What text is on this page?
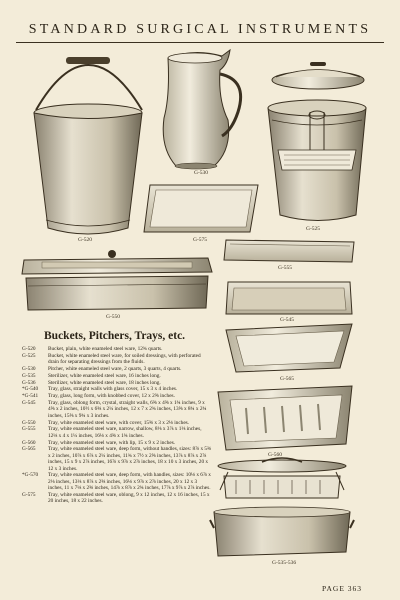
STANDARD SURGICAL INSTRUMENTS
G-520
G-530
G-525
G-575
G-555
G-550	G-545
G-565
G-560
G-535-536
Buckets, Pitchers, Trays, etc.
G-520	Bucket, plain, white enameled steel ware, 12¾ quarts.
G-525	Bucket, white enameled steel ware, for soiled dressings, with perforated drain for separating dressings from the fluids.
G-530	Pitcher, white enameled steel ware, 2 quarts, 3 quarts, 4 quarts.
G-535	Sterilizer, white enameled steel ware, 16 inches long.
G-536	Sterilizer, white enameled steel ware, 18 inches long.
*G-540	Tray, glass, straight walls with glass cover, 15 x 3 x 4 inches.
*G-541	Tray, glass, long form, with knobbed cover, 12 x 2⅝ inches.
G-545	Tray, glass, oblong form, crystal, straight walls, 6⅝ x 4⅝ x 1¾ inches, 9 x 4⅝ x 2 inches, 10½ x 6⅝ x 2¼ inches, 12 x 7 x 2¾ inches, 13⅝ x 8¾ x 2¾ inches, 15⅝ x 9¾ x 3 inches.
G-550	Tray, white enameled steel ware, with cover, 15⅝ x 3 x 2⅛ inches.
G-555	Tray, white enameled steel ware, narrow, shallow, 8⅛ x 3⅞ x 1⅛ inches, 12⅛ x 4 x 1¼ inches, 16⅛ x 4⅝ x 1¾ inches.
G-560	Tray, white enameled steel ware, with lip, 15 x 9 x 2 inches.
G-565	Tray, white enameled steel ware, deep form, without handles, sizes: 8⅞ x 5⅜ x 2 inches, 10⅞ x 6⅞ x 2¼ inches, 11¾ x 7½ x 2⅝ inches, 13⅞ x 8⅞ x 2⅞ inches, 15 x 9 x 2⅞ inches, 16⅞ x 9⅞ x 2⅞ inches, 18 x 10 x 3 inches, 20 x 12 x 3 inches.
*G-570	Tray, white enameled steel ware, deep form, with handles, sizes: 10⅛ x 6⅞ x 2⅛ inches, 13⅛ x 8⅞ x 2⅝ inches, 16⅛ x 9⅞ x 2⅞ inches, 20 x 12 x 3 inches, 11 x 7⅛ x 2⅝ inches, 14⅞ x 8⅞ x 2¾ inches, 17⅞ x 9⅞ x 2⅞ inches.
G-575	Tray, white enameled steel ware, oblong, 9 x 12 inches, 12 x 16 inches, 15 x 20 inches, 18 x 22 inches.
PAGE 363
